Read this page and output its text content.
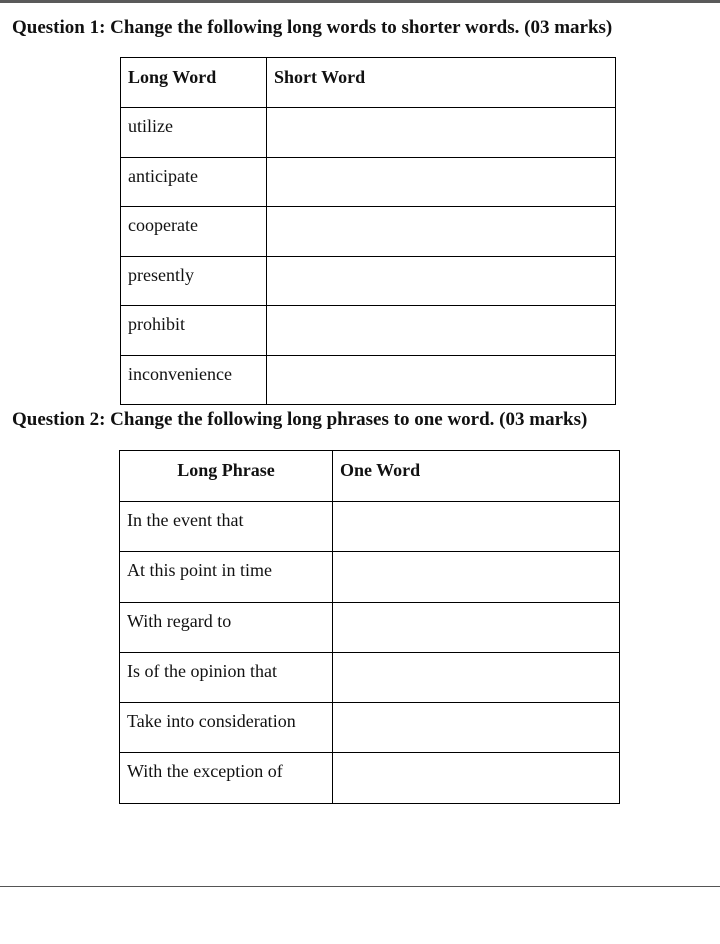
Question 1: Change the following long words to shorter words. (03 marks)
Long Word	Short Word
utilize	
anticipate	
cooperate	
presently	
prohibit	
inconvenience	
Question 2: Change the following long phrases to one word. (03 marks)
Long Phrase	One Word
In the event that	
At this point in time	
With regard to	
Is of the opinion that	
Take into consideration	
With the exception of	
